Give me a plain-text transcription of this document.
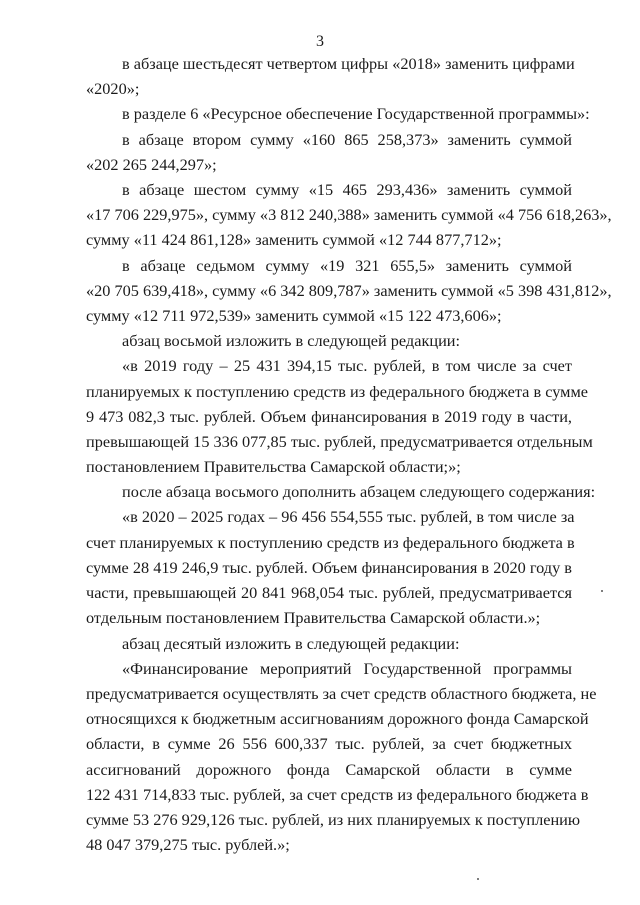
3
в абзаце шестьдесят четвертом цифры «2018» заменить цифрами
«2020»;
в разделе 6 «Ресурсное обеспечение Государственной программы»:
в абзаце втором сумму «160 865 258,373» заменить суммой
«202 265 244,297»;
в абзаце шестом сумму «15 465 293,436» заменить суммой
«17 706 229,975», сумму «3 812 240,388» заменить суммой «4 756 618,263»,
сумму «11 424 861,128» заменить суммой «12 744 877,712»;
в абзаце седьмом сумму «19 321 655,5» заменить суммой
«20 705 639,418», сумму «6 342 809,787» заменить суммой «5 398 431,812»,
сумму «12 711 972,539» заменить суммой «15 122 473,606»;
абзац восьмой изложить в следующей редакции:
«в 2019 году – 25 431 394,15 тыс. рублей, в том числе за счет
планируемых к поступлению средств из федерального бюджета в сумме
9 473 082,3 тыс. рублей. Объем финансирования в 2019 году в части,
превышающей 15 336 077,85 тыс. рублей, предусматривается отдельным
постановлением Правительства Самарской области;»;
после абзаца восьмого дополнить абзацем следующего содержания:
«в 2020 – 2025 годах – 96 456 554,555 тыс. рублей, в том числе за
счет планируемых к поступлению средств из федерального бюджета в
сумме 28 419 246,9 тыс. рублей. Объем финансирования в 2020 году в
части, превышающей 20 841 968,054 тыс. рублей, предусматривается
отдельным постановлением Правительства Самарской области.»;
абзац десятый изложить в следующей редакции:
«Финансирование мероприятий Государственной программы
предусматривается осуществлять за счет средств областного бюджета, не
относящихся к бюджетным ассигнованиям дорожного фонда Самарской
области, в сумме 26 556 600,337 тыс. рублей, за счет бюджетных
ассигнований дорожного фонда Самарской области в сумме
122 431 714,833 тыс. рублей, за счет средств из федерального бюджета в
сумме 53 276 929,126 тыс. рублей, из них планируемых к поступлению
48 047 379,275 тыс. рублей.»;
